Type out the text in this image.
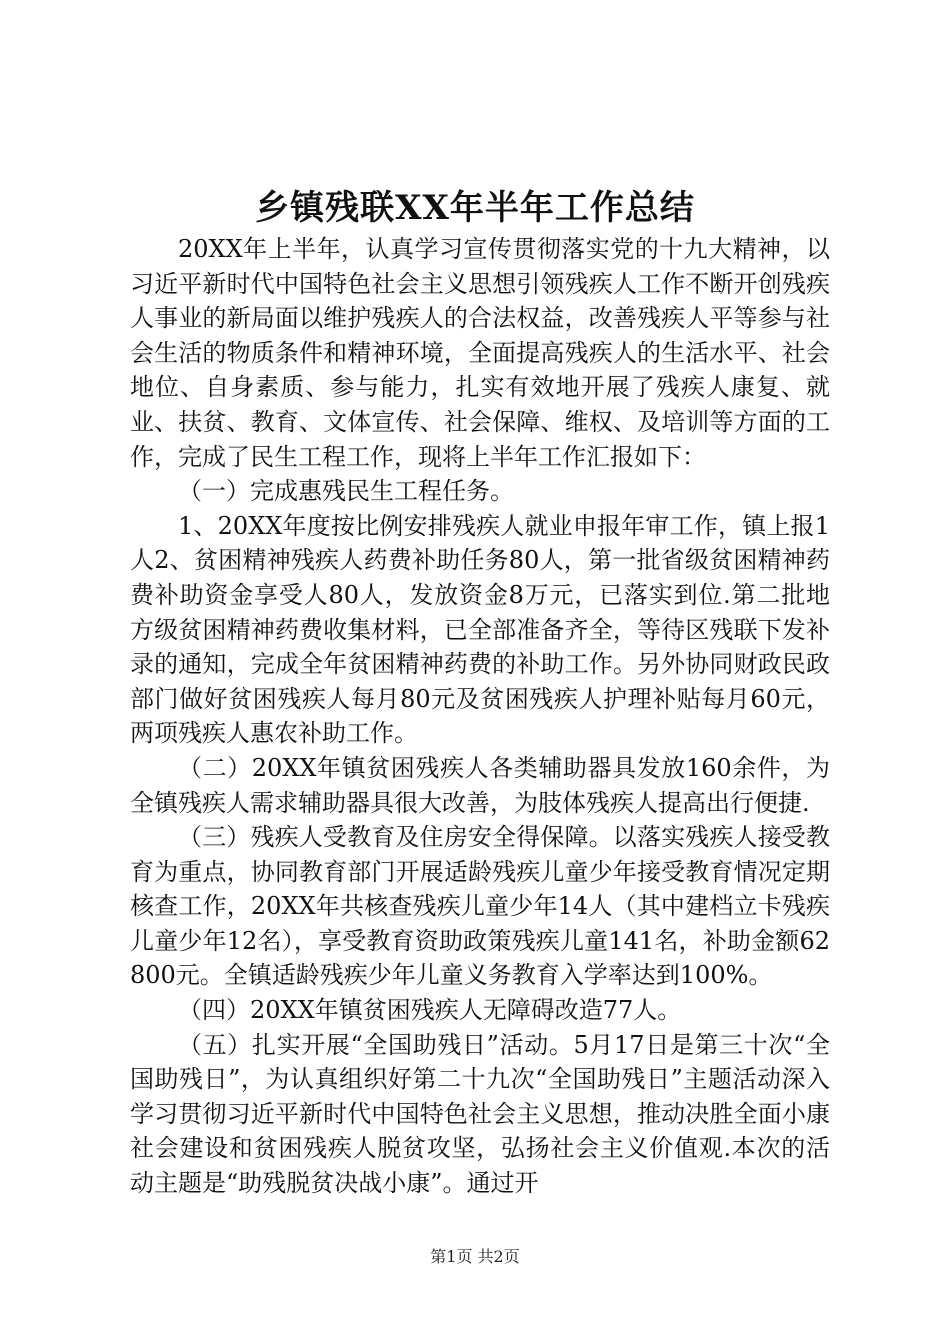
乡镇残联XX年半年工作总结

20XX年上半年，认真学习宣传贯彻落实党的十九大精神，以习近平新时代中国特色社会主义思想引领残疾人工作不断开创残疾人事业的新局面以维护残疾人的合法权益，改善残疾人平等参与社会生活的物质条件和精神环境，全面提高残疾人的生活水平、社会地位、自身素质、参与能力，扎实有效地开展了残疾人康复、就业、扶贫、教育、文体宣传、社会保障、维权、及培训等方面的工作，完成了民生工程工作，现将上半年工作汇报如下：

（一）完成惠残民生工程任务。

1、20XX年度按比例安排残疾人就业申报年审工作，镇上报1人2、贫困精神残疾人药费补助任务80人，第一批省级贫困精神药费补助资金享受人80人，发放资金8万元，已落实到位.第二批地方级贫困精神药费收集材料，已全部准备齐全，等待区残联下发补录的通知，完成全年贫困精神药费的补助工作。另外协同财政民政部门做好贫困残疾人每月80元及贫困残疾人护理补贴每月60元，两项残疾人惠农补助工作。

（二）20XX年镇贫困残疾人各类辅助器具发放160余件，为全镇残疾人需求辅助器具很大改善，为肢体残疾人提高出行便捷.

（三）残疾人受教育及住房安全得保障。以落实残疾人接受教育为重点，协同教育部门开展适龄残疾儿童少年接受教育情况定期核查工作，20XX年共核查残疾儿童少年14人（其中建档立卡残疾儿童少年12名），享受教育资助政策残疾儿童141名，补助金额62800元。全镇适龄残疾少年儿童义务教育入学率达到100%。

（四）20XX年镇贫困残疾人无障碍改造77人。

（五）扎实开展“全国助残日”活动。5月17日是第三十次“全国助残日”，为认真组织好第二十九次“全国助残日”主题活动深入学习贯彻习近平新时代中国特色社会主义思想，推动决胜全面小康社会建设和贫困残疾人脱贫攻坚，弘扬社会主义价值观.本次的活动主题是“助残脱贫决战小康”。通过开

第1页 共2页
